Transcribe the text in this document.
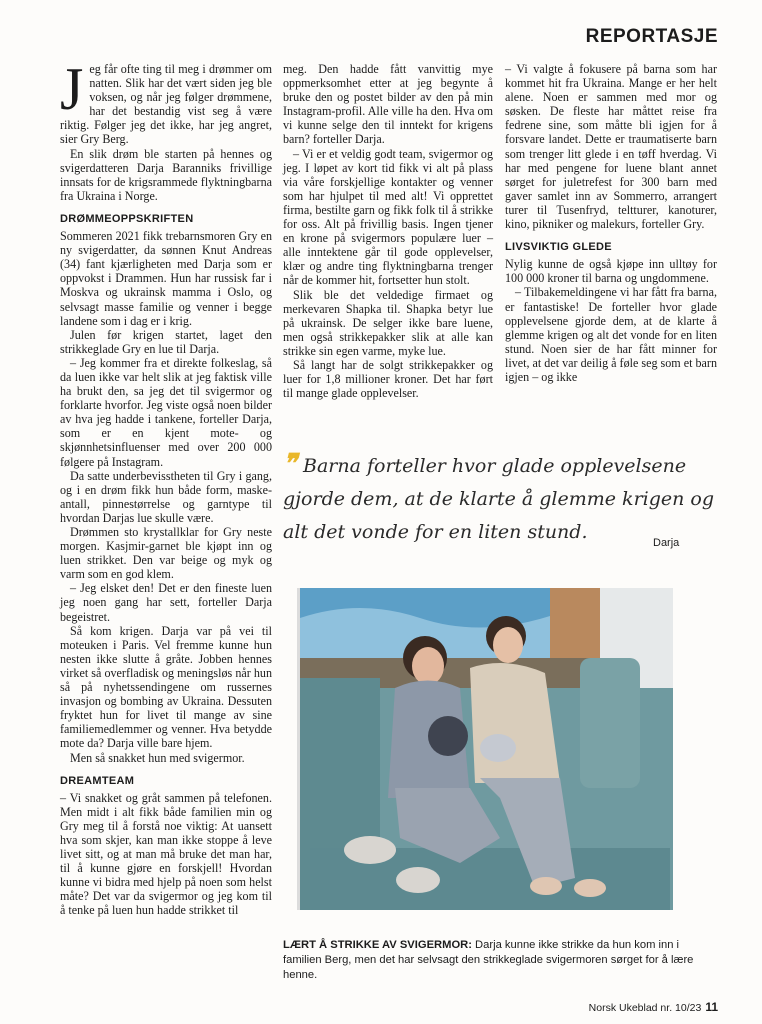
REPORTASJE

Jeg får ofte ting til meg i drømmer om natten. Slik har det vært siden jeg ble voksen, og når jeg følger drømmene, har det bestandig vist seg å være riktig. Følger jeg det ikke, har jeg angret, sier Gry Berg.

En slik drøm ble starten på hennes og svigerdatteren Darja Baranniks frivillige innsats for de krigsrammede flyktningbarna fra Ukraina i Norge.

DRØMMEOPPSKRIFTEN

Sommeren 2021 fikk trebarnsmoren Gry en ny svigerdatter, da sønnen Knut Andreas (34) fant kjærligheten med Darja som er oppvokst i Drammen. Hun har russisk far i Moskva og ukrainsk mamma i Oslo, og selvsagt masse familie og venner i begge landene som i dag er i krig.

Julen før krigen startet, laget den strikkeglade Gry en lue til Darja.

– Jeg kommer fra et direkte folkeslag, så da luen ikke var helt slik at jeg faktisk ville ha brukt den, sa jeg det til svigermor og forklarte hvorfor. Jeg viste også noen bilder av hva jeg hadde i tankene, forteller Darja, som er en kjent mote- og skjønnhetsinfluenser med over 200 000 følgere på Instagram.

Da satte underbevisstheten til Gry i gang, og i en drøm fikk hun både form, maske-antall, pinnestørrelse og garntype til hvordan Darjas lue skulle være.

Drømmen sto krystallklar for Gry neste morgen. Kasjmir-garnet ble kjøpt inn og luen strikket. Den var beige og myk og varm som en god klem.

– Jeg elsket den! Det er den fineste luen jeg noen gang har sett, forteller Darja begeistret.

Så kom krigen. Darja var på vei til moteuken i Paris. Vel fremme kunne hun nesten ikke slutte å gråte. Jobben hennes virket så overfladisk og meningsløs når hun så på nyhetssendingene om russernes invasjon og bombing av Ukraina. Dessuten fryktet hun for livet til mange av sine familiemedlemmer og venner. Hva betydde mote da? Darja ville bare hjem.

Men så snakket hun med svigermor.

DREAMTEAM

– Vi snakket og gråt sammen på telefonen. Men midt i alt fikk både familien min og Gry meg til å forstå noe viktig: At uansett hva som skjer, kan man ikke stoppe å leve livet sitt, og at man må bruke det man har, til å kunne gjøre en forskjell! Hvordan kunne vi bidra med hjelp på noen som helst måte? Det var da svigermor og jeg kom til å tenke på luen hun hadde strikket til

meg. Den hadde fått vanvittig mye oppmerksomhet etter at jeg begynte å bruke den og postet bilder av den på min Instagram-profil. Alle ville ha den. Hva om vi kunne selge den til inntekt for krigens barn? forteller Darja.

– Vi er et veldig godt team, svigermor og jeg. I løpet av kort tid fikk vi alt på plass via våre forskjellige kontakter og venner som har hjulpet til med alt! Vi opprettet firma, bestilte garn og fikk folk til å strikke for oss. Alt på frivillig basis. Ingen tjener en krone på svigermors populære luer – alle inntektene går til gode opplevelser, klær og andre ting flyktningbarna trenger når de kommer hit, fortsetter hun stolt.

Slik ble det veldedige firmaet og merkevaren Shapka til. Shapka betyr lue på ukrainsk. De selger ikke bare luene, men også strikkepakker slik at alle kan strikke sin egen varme, myke lue.

Så langt har de solgt strikkepakker og luer for 1,8 millioner kroner. Det har ført til mange glade opplevelser.

– Vi valgte å fokusere på barna som har kommet hit fra Ukraina. Mange er her helt alene. Noen er sammen med mor og søsken. De fleste har måttet reise fra fedrene sine, som måtte bli igjen for å forsvare landet. Dette er traumatiserte barn som trenger litt glede i en tøff hverdag. Vi har med pengene for luene blant annet sørget for juletrefest for 300 barn med gaver samlet inn av Sommerro, arrangert turer til Tusenfryd, teltturer, kanoturer, kino, pikniker og malekurs, forteller Gry.

LIVSVIKTIG GLEDE

Nylig kunne de også kjøpe inn ulltøy for 100 000 kroner til barna og ungdommene.

– Tilbakemeldingene vi har fått fra barna, er fantastiske! De forteller hvor glade opplevelsene gjorde dem, at de klarte å glemme krigen og alt det vonde for en liten stund. Noen sier de har fått minner for livet, at det var deilig å føle seg som et barn igjen – og ikke

❞ Barna forteller hvor glade opplevelsene gjorde dem, at de klarte å glemme krigen og alt det vonde for en liten stund.	Darja
LÆRT Å STRIKKE AV SVIGERMOR: Darja kunne ikke strikke da hun kom inn i familien Berg, men det har selvsagt den strikkeglade svigermoren sørget for å lære henne.
Norsk Ukeblad nr. 10/23 11
